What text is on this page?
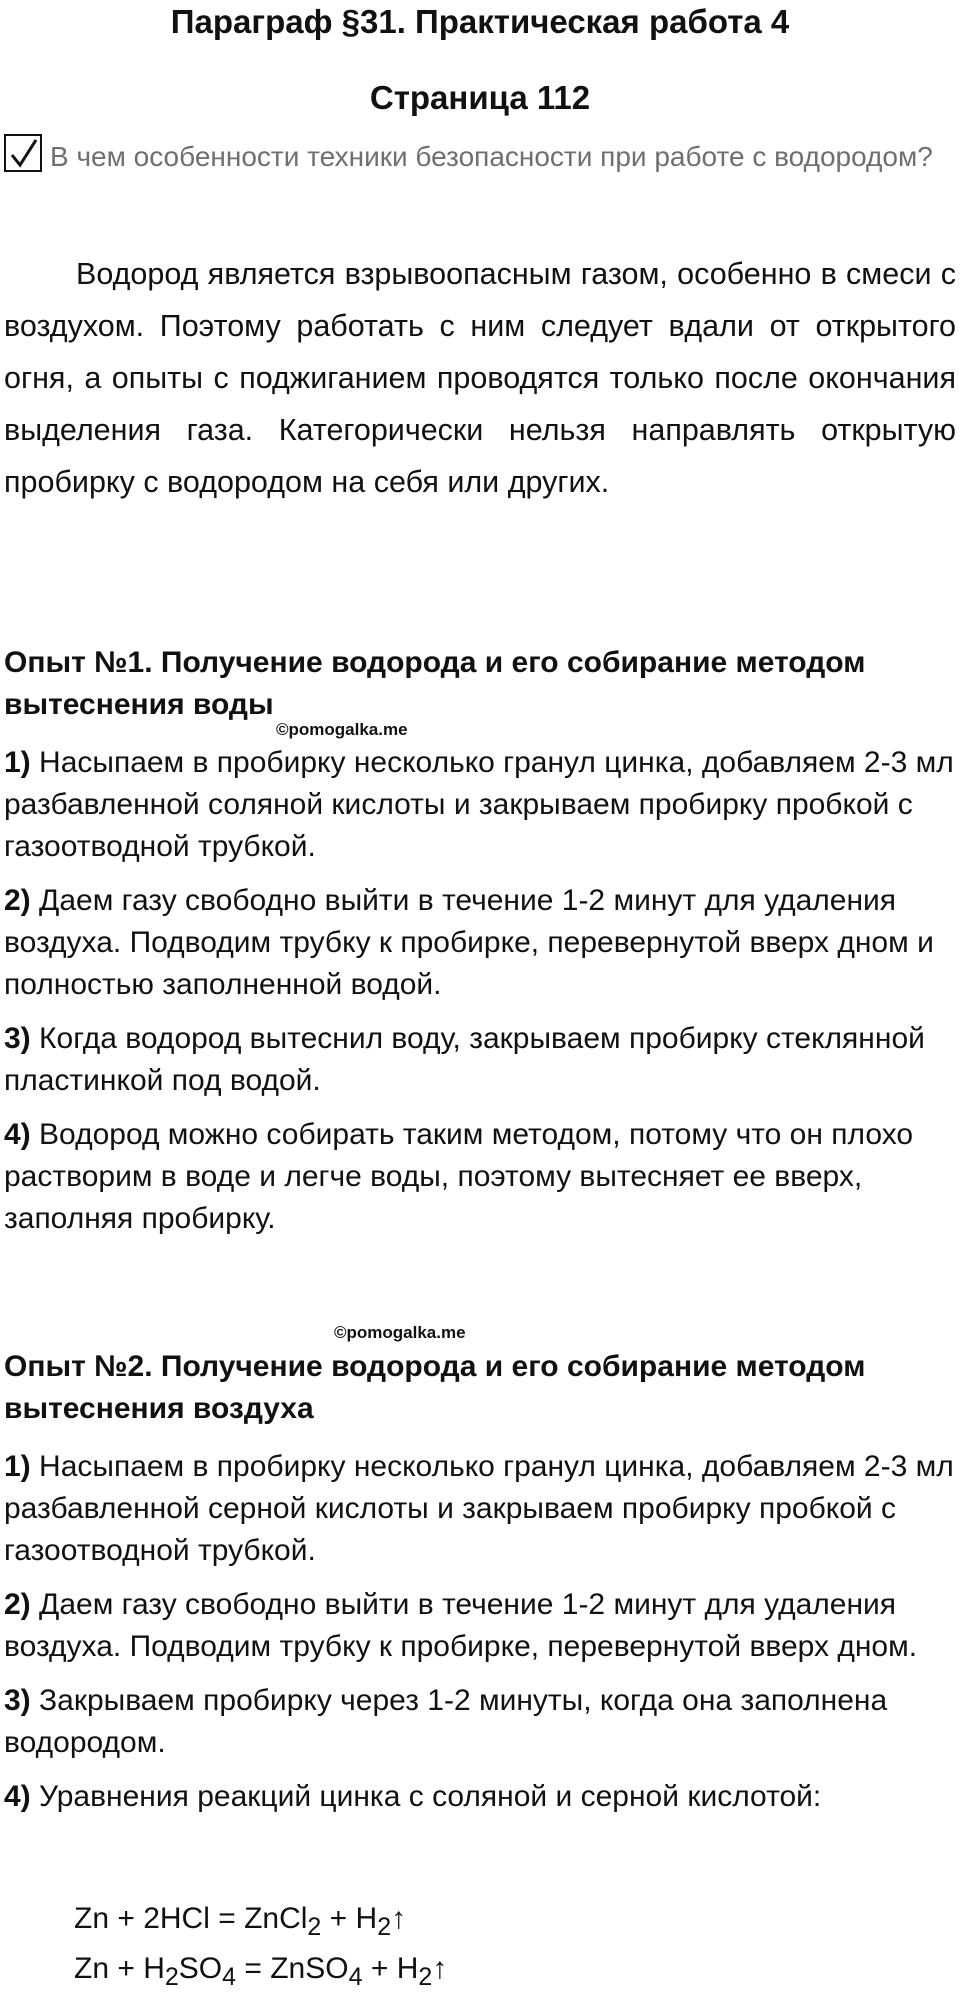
Параграф §31. Практическая работа 4
Страница 112
В чем особенности техники безопасности при работе с водородом?
Водород является взрывоопасным газом, особенно в смеси с воздухом. Поэтому работать с ним следует вдали от открытого огня, а опыты с поджиганием проводятся только после окончания выделения газа. Категорически нельзя направлять открытую пробирку с водородом на себя или других.
Опыт №1. Получение водорода и его собирание методом вытеснения воды
©pomogalka.me
1) Насыпаем в пробирку несколько гранул цинка, добавляем 2-3 мл разбавленной соляной кислоты и закрываем пробирку пробкой с газоотводной трубкой.
2) Даем газу свободно выйти в течение 1-2 минут для удаления воздуха. Подводим трубку к пробирке, перевернутой вверх дном и полностью заполненной водой.
3) Когда водород вытеснил воду, закрываем пробирку стеклянной пластинкой под водой.
4) Водород можно собирать таким методом, потому что он плохо растворим в воде и легче воды, поэтому вытесняет ее вверх, заполняя пробирку.
©pomogalka.me
Опыт №2. Получение водорода и его собирание методом вытеснения воздуха
1) Насыпаем в пробирку несколько гранул цинка, добавляем 2-3 мл разбавленной серной кислоты и закрываем пробирку пробкой с газоотводной трубкой.
2) Даем газу свободно выйти в течение 1-2 минут для удаления воздуха. Подводим трубку к пробирке, перевернутой вверх дном.
3) Закрываем пробирку через 1-2 минуты, когда она заполнена водородом.
4) Уравнения реакций цинка с соляной и серной кислотой:
Zn + 2HCl = ZnCl$_2$ + $H_2↑$
$Zn + H_2SO_4$ = ZnSO$_4$ + $H_2↑$
